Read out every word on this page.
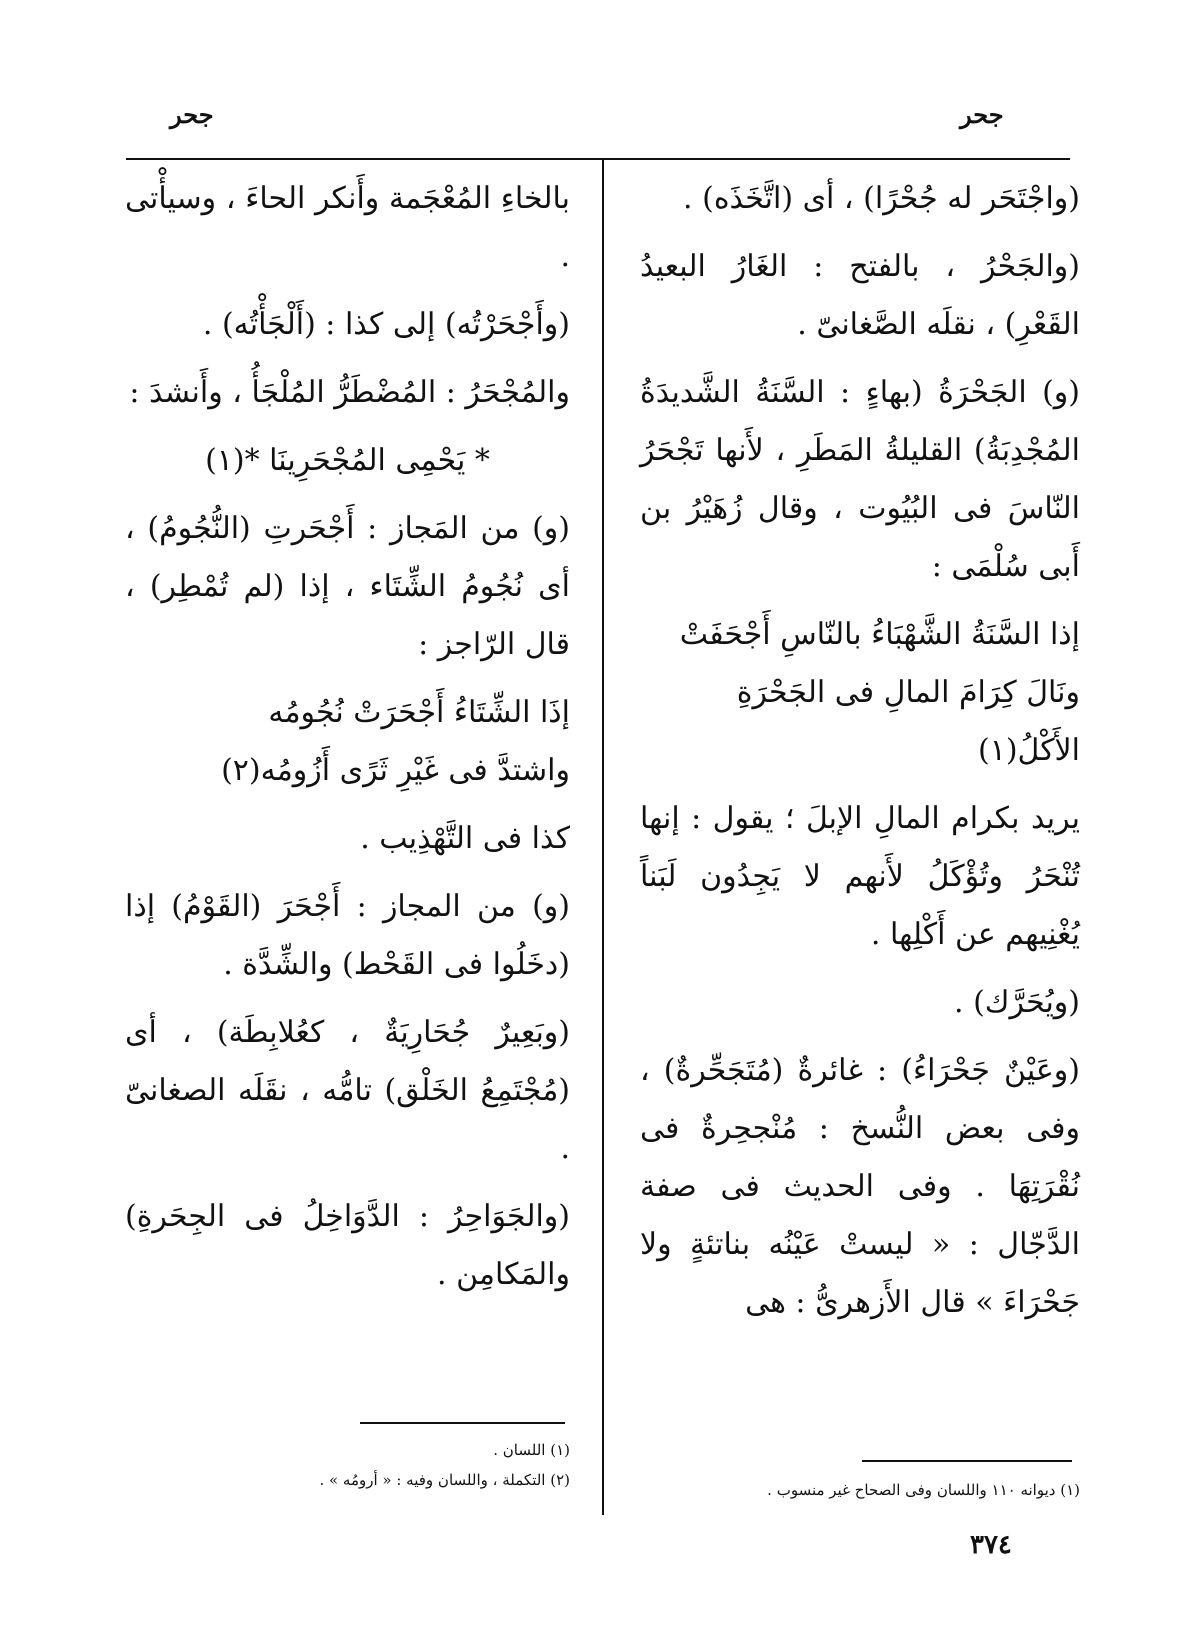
جحر
جحر

(واجْتَحَر له جُحْرًا) ، أى (اتَّخَذَه) .

(والجَحْرُ ، بالفتح : الغَارُ البعيدُ القَعْرِ) ، نقلَه الصَّغانىّ .

(و) الجَحْرَةُ (بهاءٍ : السَّنَةُ الشَّديدَةُ المُجْدِبَةُ) القليلةُ المَطَرِ ، لأَنها تَجْحَرُ النّاسَ فى البُيُوت ، وقال زُهَيْرُ بن أَبى سُلْمَى :

إذا السَّنَةُ الشَّهْبَاءُ بالنّاسِ أَجْحَفَتْ
ونَالَ كِرَامَ المالِ فى الجَحْرَةِ الأَكْلُ(١)

يريد بكرام المالِ الإبلَ ؛ يقول : إنها تُنْحَرُ وتُؤْكَلُ لأَنهم لا يَجِدُون لَبَناً يُغْنِيهم عن أَكْلِها .

(ويُحَرَّك) .

(وعَيْنٌ جَحْرَاءُ) : غائرةٌ (مُتَجَحِّرةٌ) ، وفى بعض النُّسخ : مُنْجحِرةٌ فى نُقْرَتِهَا . وفى الحديث فى صفة الدَّجّال : « ليستْ عَيْنُه بناتئةٍ ولا جَحْرَاءَ » قال الأَزهرىُّ : هى

بالخاءِ المُعْجَمة وأَنكر الحاءَ ، وسيأْتى .

(وأَجْحَرْتُه) إلى كذا : (أَلْجَأْتُه) .

والمُجْحَرُ : المُضْطَرُّ المُلْجَأُ ، وأَنشدَ :

* يَحْمِى المُجْحَرِينَا *(١)

(و) من المَجاز : أَجْحَرتِ (النُّجُومُ) ، أى نُجُومُ الشِّتَاء ، إذا (لم تُمْطِر) ، قال الرّاجز :

إذَا الشِّتَاءُ أَجْحَرَتْ نُجُومُه
واشتدَّ فى غَيْرِ ثَرًى أَزُومُه(٢)

كذا فى التَّهْذِيب .

(و) من المجاز : أَجْحَرَ (القَوْمُ) إذا (دخَلُوا فى القَحْط) والشِّدَّة .

(وبَعِيرٌ جُحَارِيَةٌ ، كعُلابِطَة) ، أى (مُجْتَمِعُ الخَلْق) تامُّه ، نقَلَه الصغانىّ .

(والجَوَاحِرُ : الدَّوَاخِلُ فى الجِحَرةِ) والمَكامِن .

(١) ديوانه ١١٠ واللسان وفى الصحاح غير منسوب .
(١) اللسان .
(٢) التكملة ، واللسان وفيه : « أرومُه » .
٣٧٤
